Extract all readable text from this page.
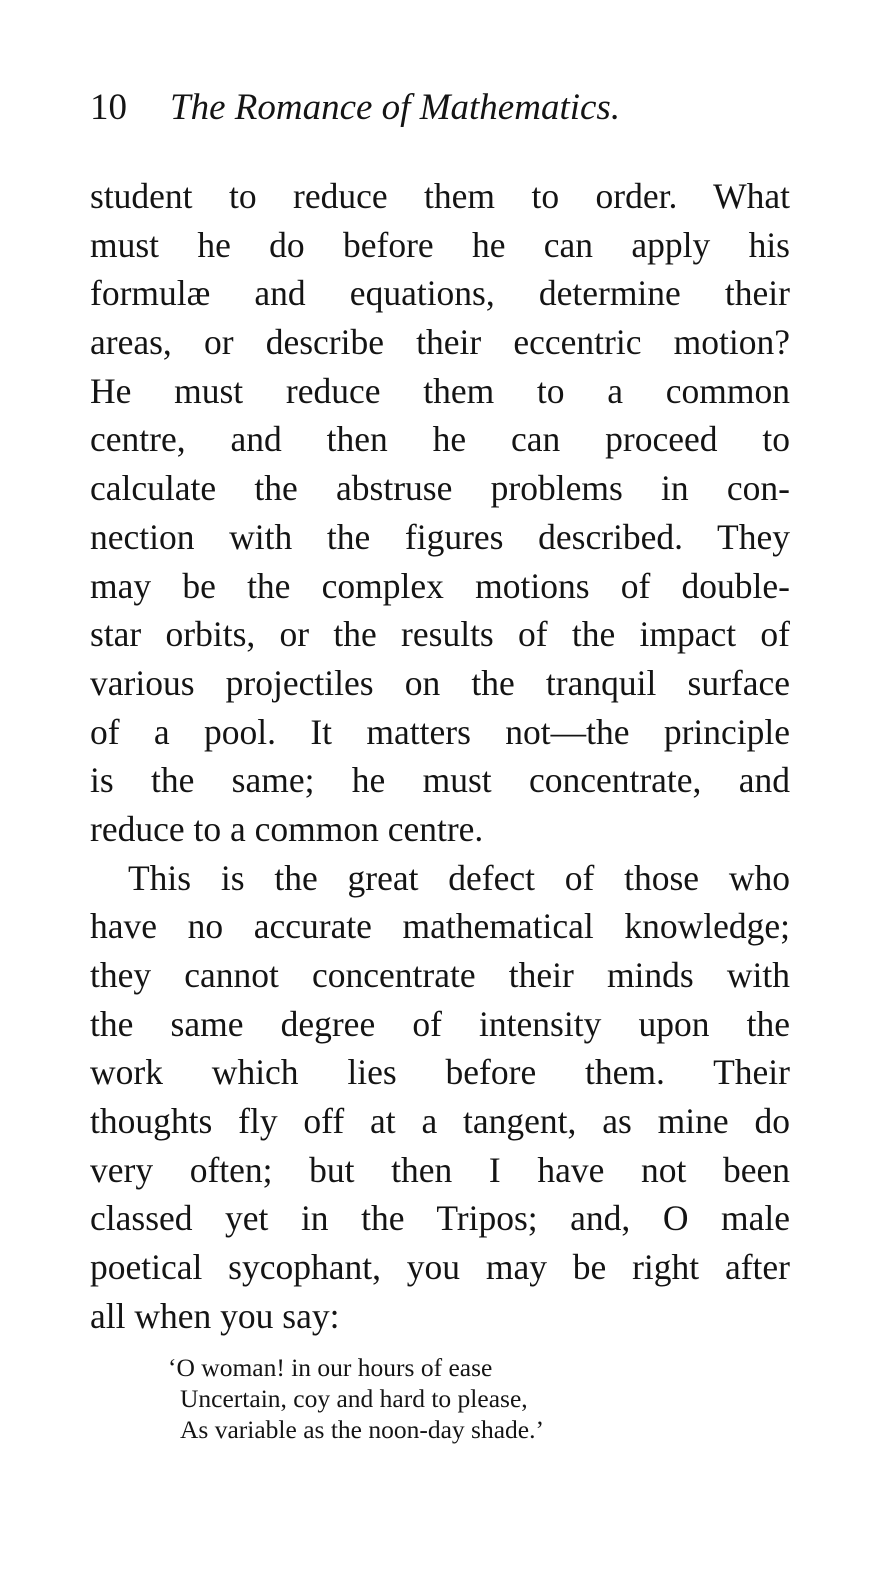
10 The Romance of Mathematics.
student to reduce them to order. What
must he do before he can apply his
formulæ and equations, determine their
areas, or describe their eccentric motion?
He must reduce them to a common
centre, and then he can proceed to
calculate the abstruse problems in con-
nection with the figures described. They
may be the complex motions of double-
star orbits, or the results of the impact of
various projectiles on the tranquil surface
of a pool. It matters not—the principle
is the same; he must concentrate, and
reduce to a common centre.
This is the great defect of those who
have no accurate mathematical knowledge;
they cannot concentrate their minds with
the same degree of intensity upon the
work which lies before them. Their
thoughts fly off at a tangent, as mine do
very often; but then I have not been
classed yet in the Tripos; and, O male
poetical sycophant, you may be right after
all when you say:
‘O woman! in our hours of ease
Uncertain, coy and hard to please,
As variable as the noon-day shade.’
